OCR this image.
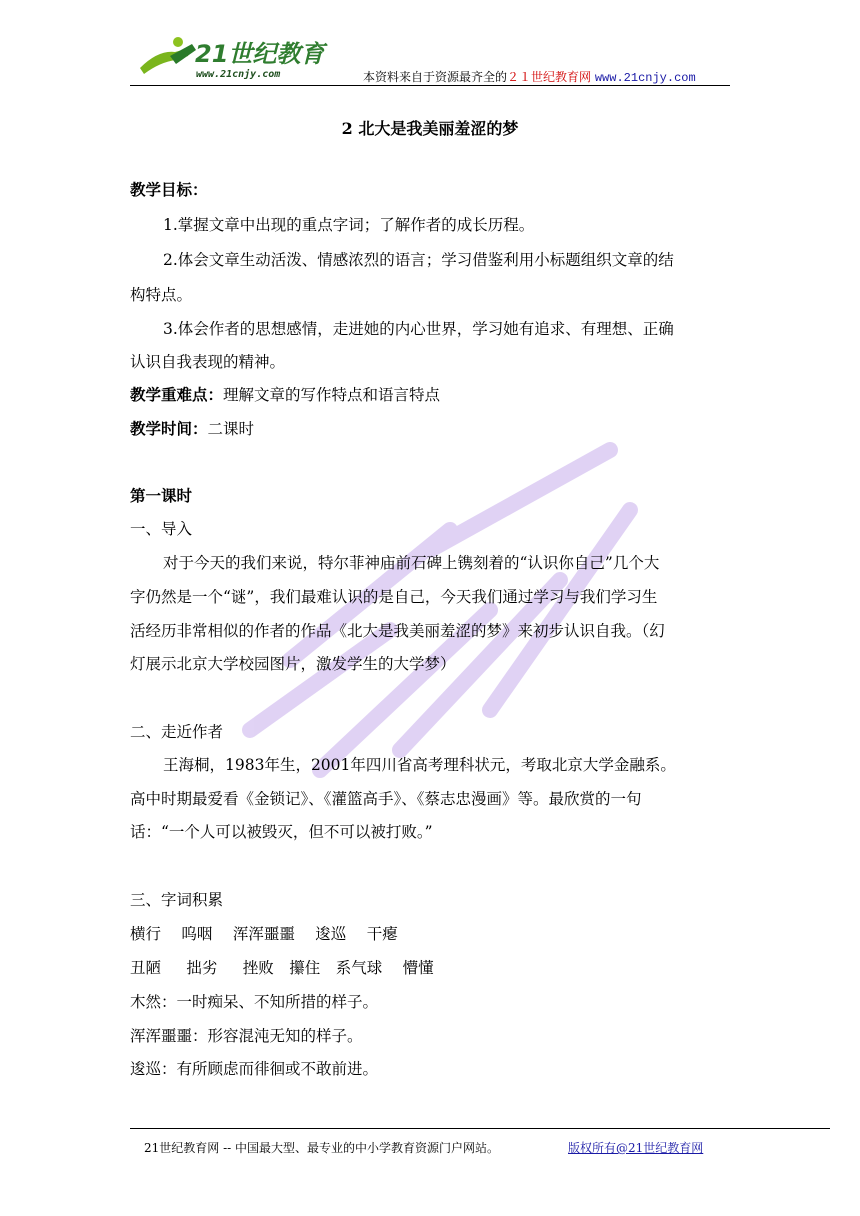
21世纪教育
www.21cnjy.com	本资料来自于资源最齐全的２１世纪教育网 www.21cnjy.com
2 北大是我美丽羞涩的梦
教学目标：
1.掌握文章中出现的重点字词；了解作者的成长历程。
2.体会文章生动活泼、情感浓烈的语言；学习借鉴利用小标题组织文章的结
构特点。
3.体会作者的思想感情，走进她的内心世界，学习她有追求、有理想、正确
认识自我表现的精神。
教学重难点：理解文章的写作特点和语言特点
教学时间：二课时
第一课时
一、导入
对于今天的我们来说，特尔菲神庙前石碑上镌刻着的“认识你自己”几个大
字仍然是一个“谜”，我们最难认识的是自己，今天我们通过学习与我们学习生
活经历非常相似的作者的作品《北大是我美丽羞涩的梦》来初步认识自我。（幻
灯展示北京大学校园图片，激发学生的大学梦）
二、走近作者
王海桐，1983年生，2001年四川省高考理科状元，考取北京大学金融系。
高中时期最爱看《金锁记》、《灌篮高手》、《蔡志忠漫画》等。最欣赏的一句
话：“一个人可以被毁灭，但不可以被打败。”
三、字词积累
横行　 呜咽　 浑浑噩噩　 逡巡　 干瘪
丑陋 　 拙劣 　 挫败　攥住　系气球 　懵懂
木然：一时痴呆、不知所措的样子。
浑浑噩噩：形容混沌无知的样子。
逡巡：有所顾虑而徘徊或不敢前进。
21世纪教育网 -- 中国最大型、最专业的中小学教育资源门户网站。	版权所有@21世纪教育网
